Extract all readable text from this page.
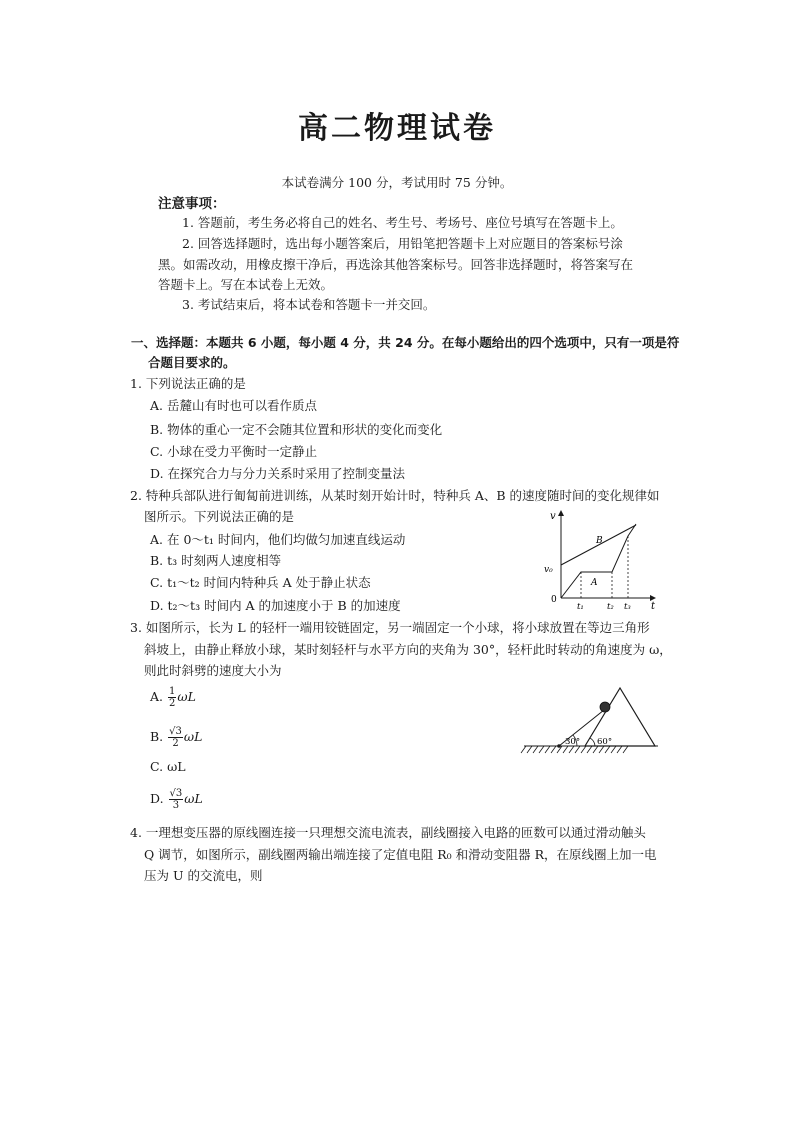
高二物理试卷
本试卷满分 100 分，考试用时 75 分钟。
注意事项：
1. 答题前，考生务必将自己的姓名、考生号、考场号、座位号填写在答题卡上。
2. 回答选择题时，选出每小题答案后，用铅笔把答题卡上对应题目的答案标号涂
黑。如需改动，用橡皮擦干净后，再选涂其他答案标号。回答非选择题时，将答案写在
答题卡上。写在本试卷上无效。
3. 考试结束后，将本试卷和答题卡一并交回。
一、选择题：本题共 6 小题，每小题 4 分，共 24 分。在每小题给出的四个选项中，只有一项是符
合题目要求的。
1. 下列说法正确的是
A. 岳麓山有时也可以看作质点
B. 物体的重心一定不会随其位置和形状的变化而变化
C. 小球在受力平衡时一定静止
D. 在探究合力与分力关系时采用了控制变量法
2. 特种兵部队进行匍匐前进训练，从某时刻开始计时，特种兵 A、B 的速度随时间的变化规律如
图所示。下列说法正确的是
A. 在 0～t₁ 时间内，他们均做匀加速直线运动
B. t₃ 时刻两人速度相等
C. t₁～t₂ 时间内特种兵 A 处于静止状态
D. t₂～t₃ 时间内 A 的加速度小于 B 的加速度
v
t
v₀
0
t₁	t₂ t₃
A
B
3. 如图所示，长为 L 的轻杆一端用铰链固定，另一端固定一个小球，将小球放置在等边三角形
斜坡上，由静止释放小球，某时刻轻杆与水平方向的夹角为 30°，轻杆此时转动的角速度为 ω，
则此时斜劈的速度大小为
A. $\frac{1}{2}$ ωL
B. $\frac{√3}{2}$ ωL
C. ωL
D. $\frac{√3}{3}$ ωL
30° 60°
4. 一理想变压器的原线圈连接一只理想交流电流表，副线圈接入电路的匝数可以通过滑动触头
Q 调节，如图所示，副线圈两输出端连接了定值电阻 R₀ 和滑动变阻器 R，在原线圈上加一电
压为 U 的交流电，则
